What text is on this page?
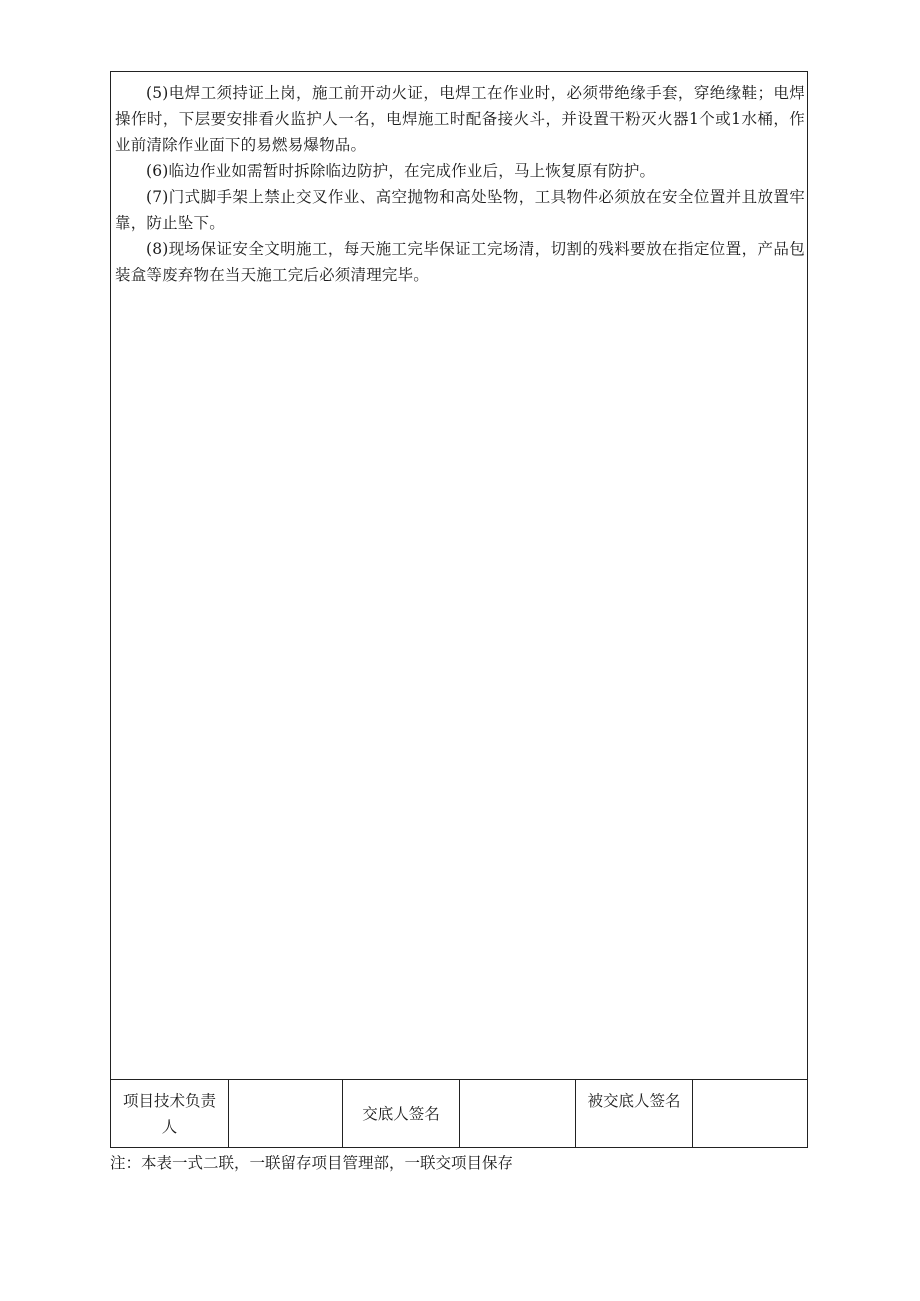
(5)电焊工须持证上岗，施工前开动火证，电焊工在作业时，必须带绝缘手套，穿绝缘鞋；电焊操作时，下层要安排看火监护人一名，电焊施工时配备接火斗，并设置干粉灭火器1个或1水桶，作业前清除作业面下的易燃易爆物品。

(6)临边作业如需暂时拆除临边防护，在完成作业后，马上恢复原有防护。

(7)门式脚手架上禁止交叉作业、高空抛物和高处坠物，工具物件必须放在安全位置并且放置牢靠，防止坠下。

(8)现场保证安全文明施工，每天施工完毕保证工完场清，切割的残料要放在指定位置，产品包装盒等废弃物在当天施工完后必须清理完毕。

项目技术负责人
交底人签名
被交底人签名
注：本表一式二联，一联留存项目管理部，一联交项目保存
